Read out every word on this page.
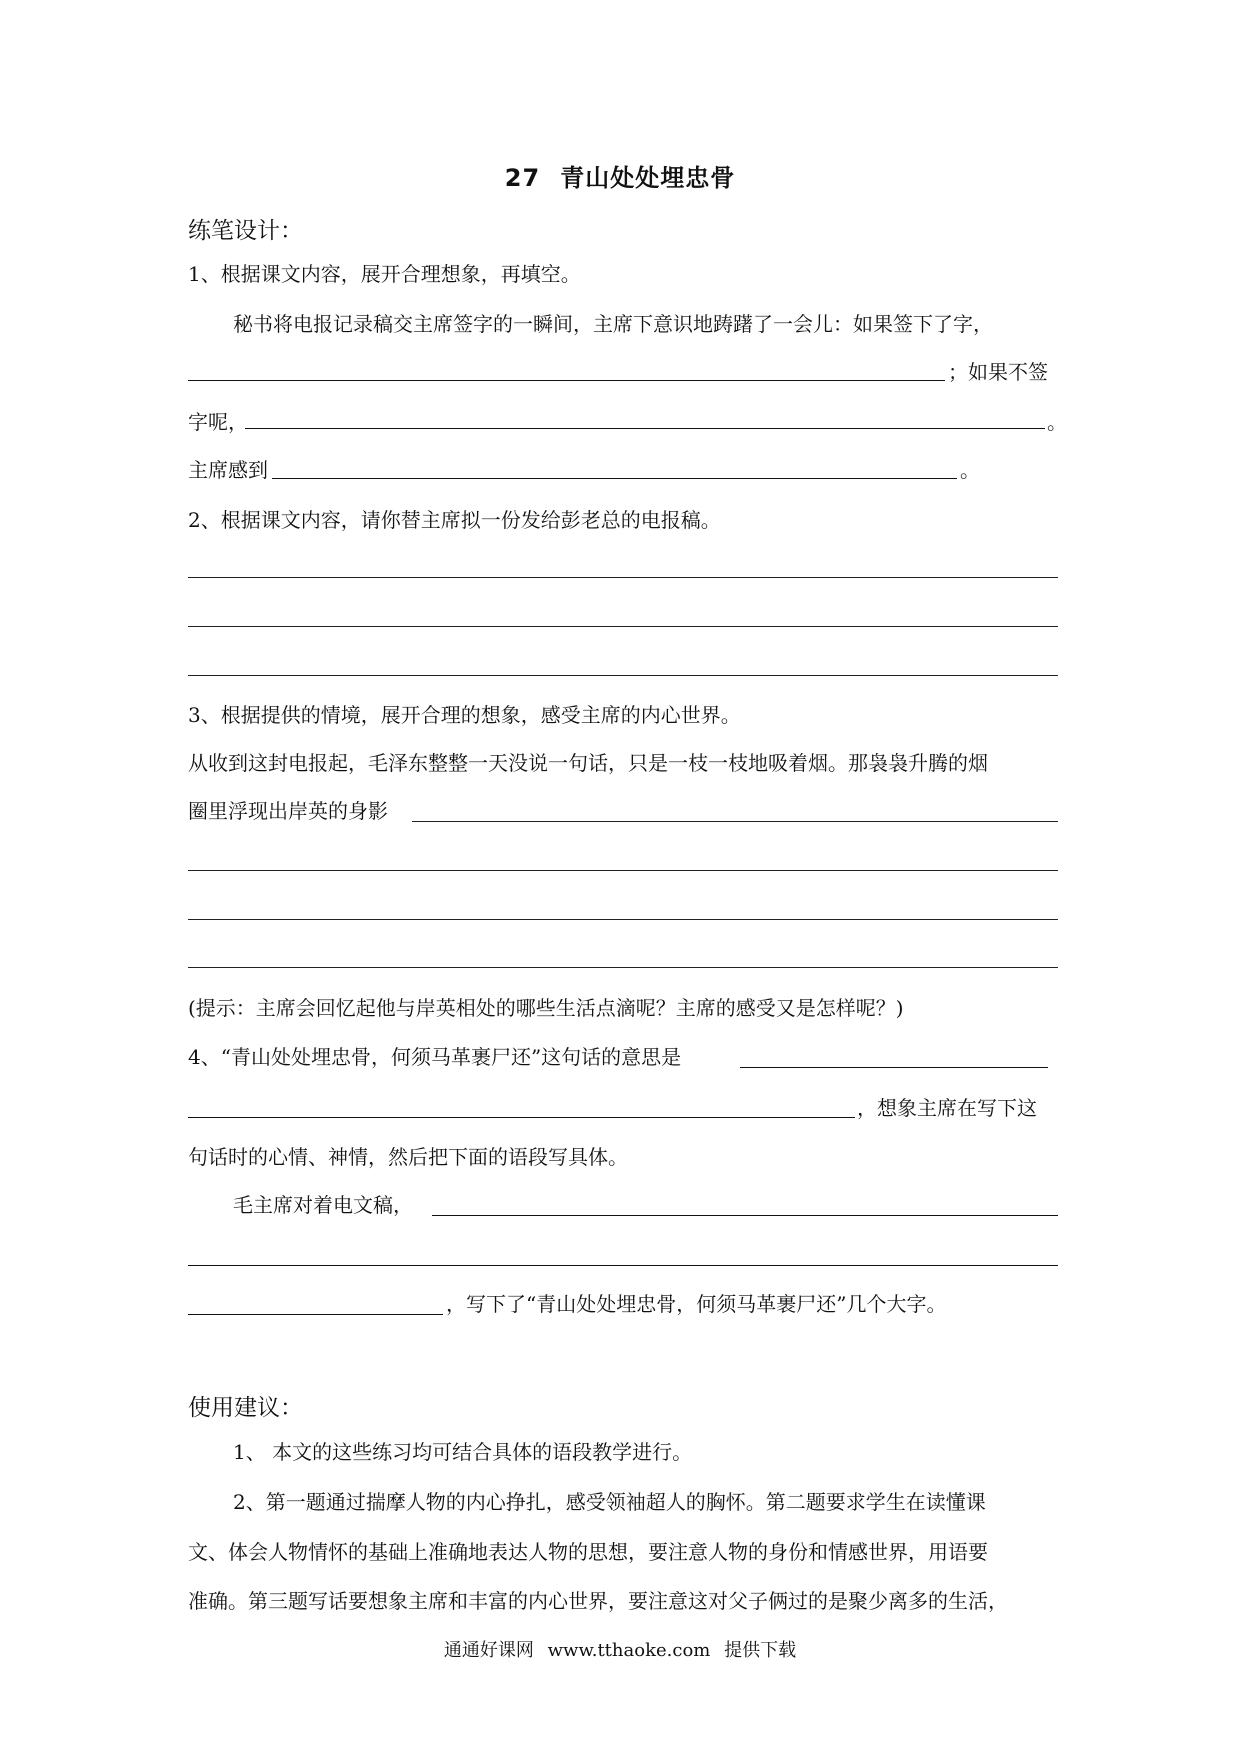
27 青山处处埋忠骨
练笔设计：
1、根据课文内容，展开合理想象，再填空。
秘书将电报记录稿交主席签字的一瞬间，主席下意识地踌躇了一会儿：如果签下了字，
；如果不签
字呢，	。
主席感到	。
2、根据课文内容，请你替主席拟一份发给彭老总的电报稿。
3、根据提供的情境，展开合理的想象，感受主席的内心世界。
从收到这封电报起，毛泽东整整一天没说一句话，只是一枝一枝地吸着烟。那袅袅升腾的烟
圈里浮现出岸英的身影
(提示：主席会回忆起他与岸英相处的哪些生活点滴呢？主席的感受又是怎样呢？)
4、“青山处处埋忠骨，何须马革裹尸还”这句话的意思是
，想象主席在写下这
句话时的心情、神情，然后把下面的语段写具体。
毛主席对着电文稿，
，写下了“青山处处埋忠骨，何须马革裹尸还”几个大字。
使用建议：
1、 本文的这些练习均可结合具体的语段教学进行。
2、第一题通过揣摩人物的内心挣扎，感受领袖超人的胸怀。第二题要求学生在读懂课
文、体会人物情怀的基础上准确地表达人物的思想，要注意人物的身份和情感世界，用语要
准确。第三题写话要想象主席和丰富的内心世界，要注意这对父子俩过的是聚少离多的生活，
通通好课网 www.tthaoke.com 提供下载
